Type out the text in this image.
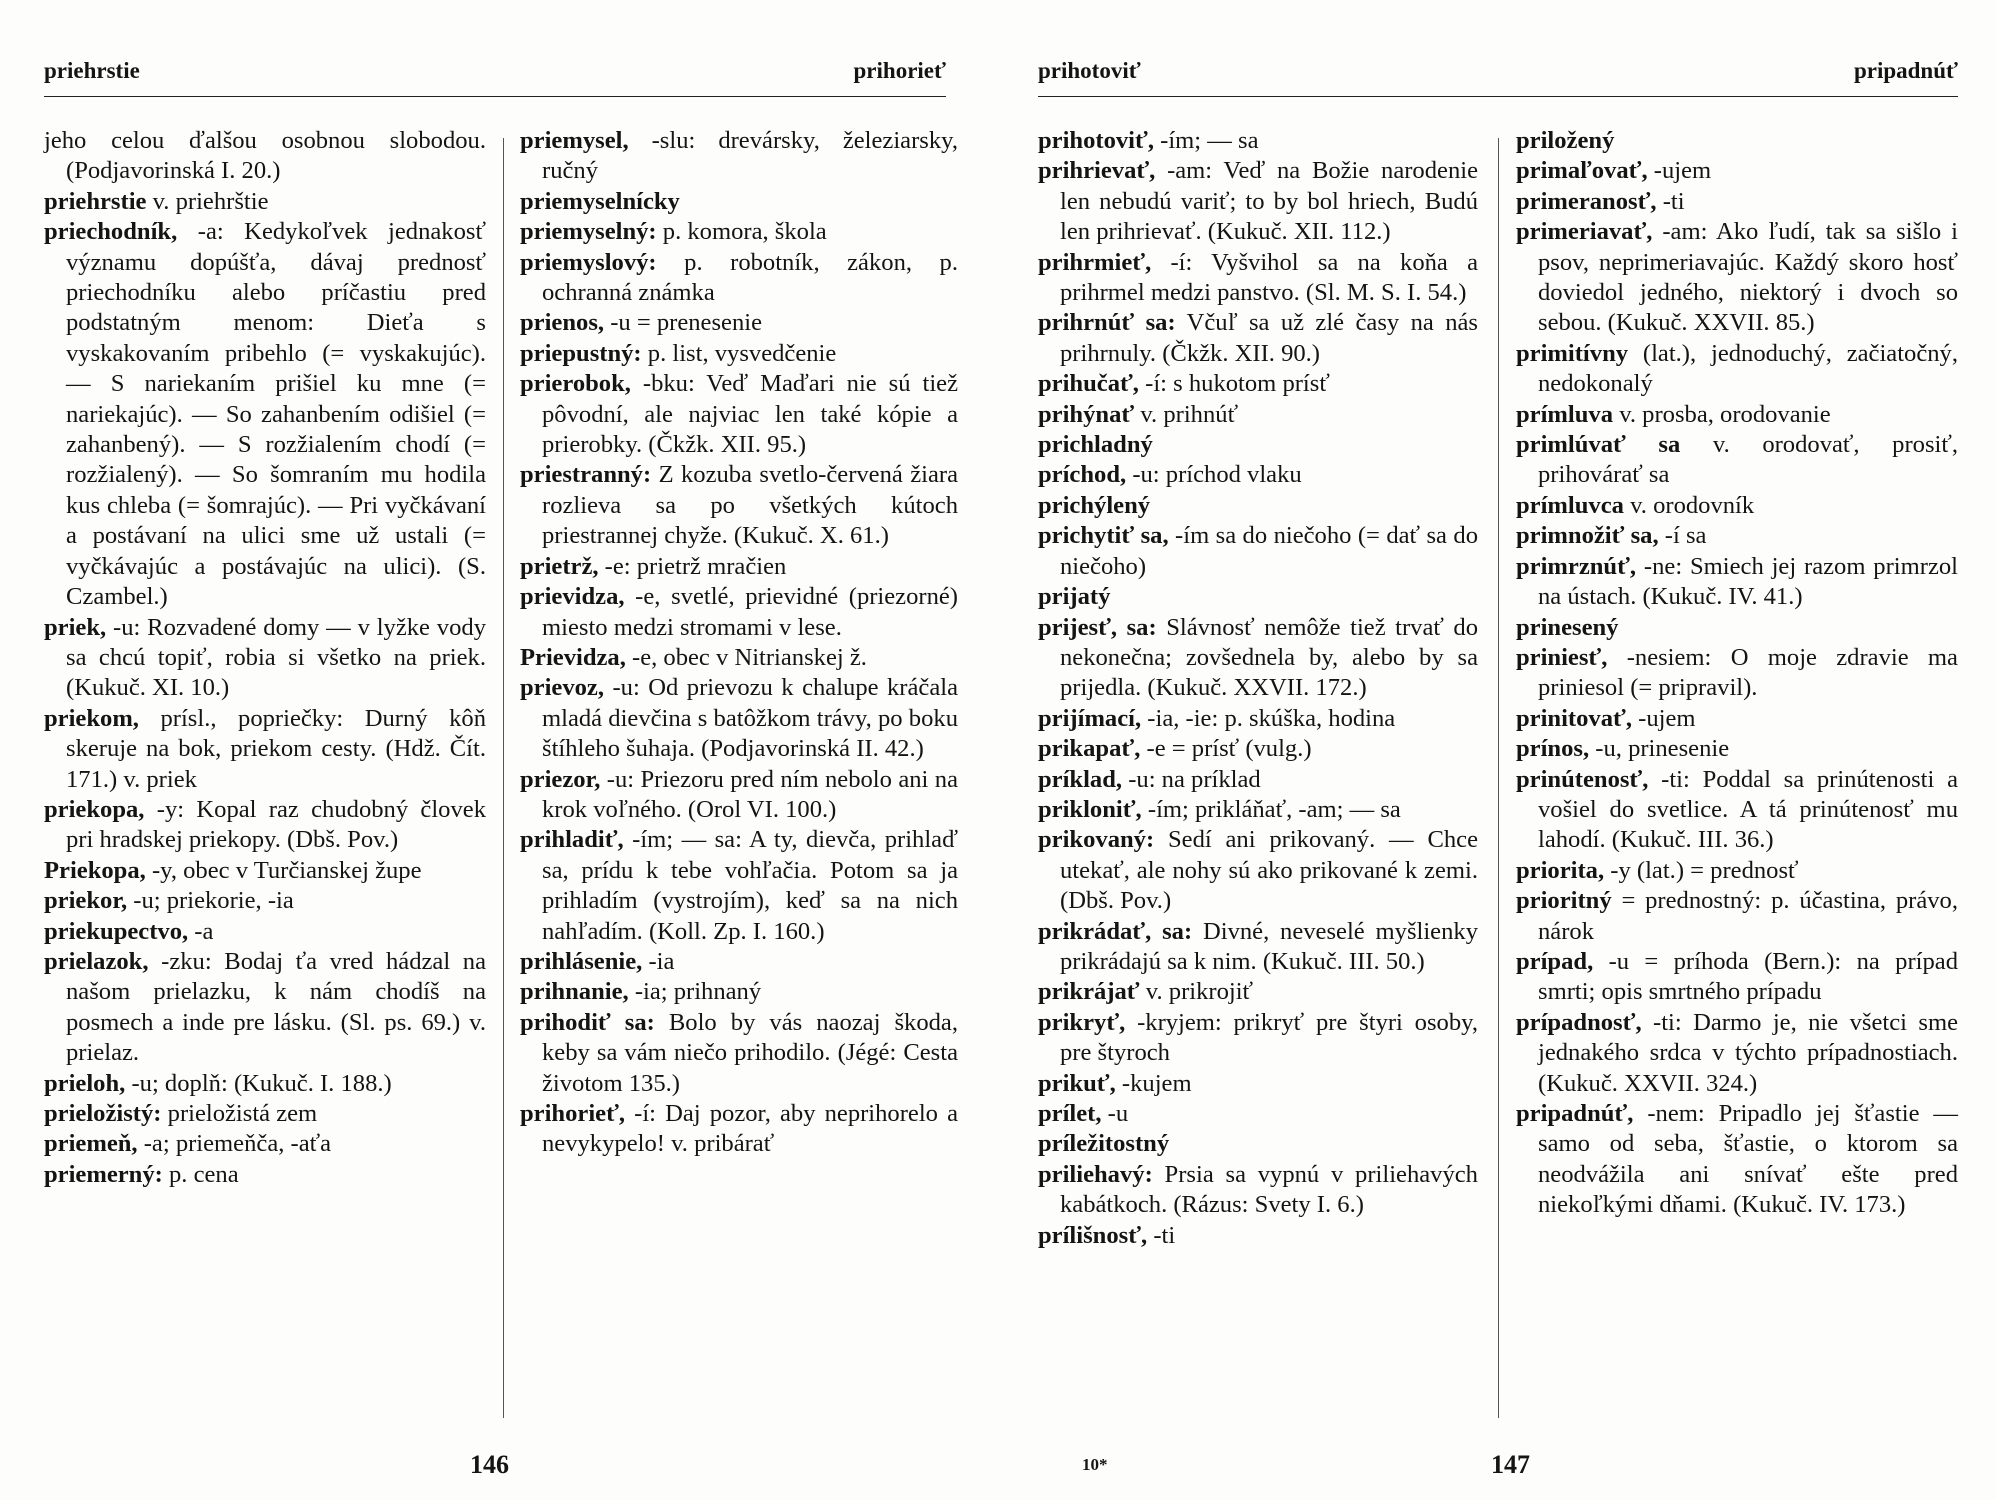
priehrstie	prihorieť

jeho celou ďalšou osobnou slobodou. (Podjavorinská I. 20.)

priehrstie v. priehrštie

priechodník, -a: Kedykoľvek jednakosť významu dopúšťa, dávaj prednosť priechodníku alebo príčastiu pred podstatným menom: Dieťa s vyskakovaním pribehlo (= vyskakujúc). — S nariekaním prišiel ku mne (= nariekajúc). — So zahanbením odišiel (= zahanbený). — S rozžialením chodí (= rozžialený). — So šomraním mu hodila kus chleba (= šomrajúc). — Pri vyčkávaní a postávaní na ulici sme už ustali (= vyčkávajúc a postávajúc na ulici). (S. Czambel.)

priek, -u: Rozvadené domy — v lyžke vody sa chcú topiť, robia si všetko na priek. (Kukuč. XI. 10.)

priekom, prísl., popriečky: Durný kôň skeruje na bok, priekom cesty. (Hdž. Čít. 171.) v. priek

priekopa, -y: Kopal raz chudobný človek pri hradskej priekopy. (Dbš. Pov.)

Priekopa, -y, obec v Turčianskej župe

priekor, -u; priekorie, -ia

priekupectvo, -a

prielazok, -zku: Bodaj ťa vred hádzal na našom prielazku, k nám chodíš na posmech a inde pre lásku. (Sl. ps. 69.) v. prielaz.

prieloh, -u; doplň: (Kukuč. I. 188.)

prieložistý: prieložistá zem

priemeň, -a; priemeňča, -aťa

priemerný: p. cena

priemysel, -slu: drevársky, železiarsky, ručný

priemyselnícky

priemyselný: p. komora, škola

priemyslový: p. robotník, zákon, p. ochranná známka

prienos, -u = prenesenie

priepustný: p. list, vysvedčenie

prierobok, -bku: Veď Maďari nie sú tiež pôvodní, ale najviac len také kópie a prierobky. (Čkžk. XII. 95.)

priestranný: Z kozuba svetlo-červená žiara rozlieva sa po všetkých kútoch priestrannej chyže. (Kukuč. X. 61.)

prietrž, -e: prietrž mračien

prievidza, -e, svetlé, prievidné (priezorné) miesto medzi stromami v lese.

Prievidza, -e, obec v Nitrianskej ž.

prievoz, -u: Od prievozu k chalupe kráčala mladá dievčina s batôžkom trávy, po boku štíhleho šuhaja. (Podjavorinská II. 42.)

priezor, -u: Priezoru pred ním nebolo ani na krok voľného. (Orol VI. 100.)

prihladiť, -ím; — sa: A ty, dievča, prihlaď sa, prídu k tebe vohľačia. Potom sa ja prihladím (vystrojím), keď sa na nich nahľadím. (Koll. Zp. I. 160.)

prihlásenie, -ia

prihnanie, -ia; prihnaný

prihodiť sa: Bolo by vás naozaj škoda, keby sa vám niečo prihodilo. (Jégé: Cesta životom 135.)

prihorieť, -í: Daj pozor, aby neprihorelo a nevykypelo! v. pribárať

146
prihotoviť	pripadnúť

prihotoviť, -ím; — sa

prihrievať, -am: Veď na Božie narodenie len nebudú variť; to by bol hriech, Budú len prihrievať. (Kukuč. XII. 112.)

prihrmieť, -í: Vyšvihol sa na koňa a prihrmel medzi panstvo. (Sl. M. S. I. 54.)

prihrnúť sa: Včuľ sa už zlé časy na nás prihrnuly. (Čkžk. XII. 90.)

prihučať, -í: s hukotom prísť

prihýnať v. prihnúť

prichladný

príchod, -u: príchod vlaku

prichýlený

prichytiť sa, -ím sa do niečoho (= dať sa do niečoho)

prijatý

prijesť, sa: Slávnosť nemôže tiež trvať do nekonečna; zovšednela by, alebo by sa prijedla. (Kukuč. XXVII. 172.)

prijímací, -ia, -ie: p. skúška, hodina

prikapať, -e = prísť (vulg.)

príklad, -u: na príklad

prikloniť, -ím; prikláňať, -am; — sa

prikovaný: Sedí ani prikovaný. — Chce utekať, ale nohy sú ako prikované k zemi. (Dbš. Pov.)

prikrádať, sa: Divné, neveselé myšlienky prikrádajú sa k nim. (Kukuč. III. 50.)

prikrájať v. prikrojiť

prikryť, -kryjem: prikryť pre štyri osoby, pre štyroch

prikuť, -kujem

prílet, -u

príležitostný

priliehavý: Prsia sa vypnú v priliehavých kabátkoch. (Rázus: Svety I. 6.)

prílišnosť, -ti

priložený

primaľovať, -ujem

primeranosť, -ti

primeriavať, -am: Ako ľudí, tak sa sišlo i psov, neprimeriavajúc. Každý skoro hosť doviedol jedného, niektorý i dvoch so sebou. (Kukuč. XXVII. 85.)

primitívny (lat.), jednoduchý, začiatočný, nedokonalý

prímluva v. prosba, orodovanie

primlúvať sa v. orodovať, prosiť, prihovárať sa

prímluvca v. orodovník

primnožiť sa, -í sa

primrznúť, -ne: Smiech jej razom primrzol na ústach. (Kukuč. IV. 41.)

prinesený

priniesť, -nesiem: O moje zdravie ma priniesol (= pripravil).

prinitovať, -ujem

prínos, -u, prinesenie

prinútenosť, -ti: Poddal sa prinútenosti a vošiel do svetlice. A tá prinútenosť mu lahodí. (Kukuč. III. 36.)

priorita, -y (lat.) = prednosť

prioritný = prednostný: p. účastina, právo, nárok

prípad, -u = príhoda (Bern.): na prípad smrti; opis smrtného prípadu

prípadnosť, -ti: Darmo je, nie všetci sme jednakého srdca v týchto prípadnostiach. (Kukuč. XXVII. 324.)

pripadnúť, -nem: Pripadlo jej šťastie — samo od seba, šťastie, o ktorom sa neodvážila ani snívať ešte pred niekoľkými dňami. (Kukuč. IV. 173.)

10*	147
